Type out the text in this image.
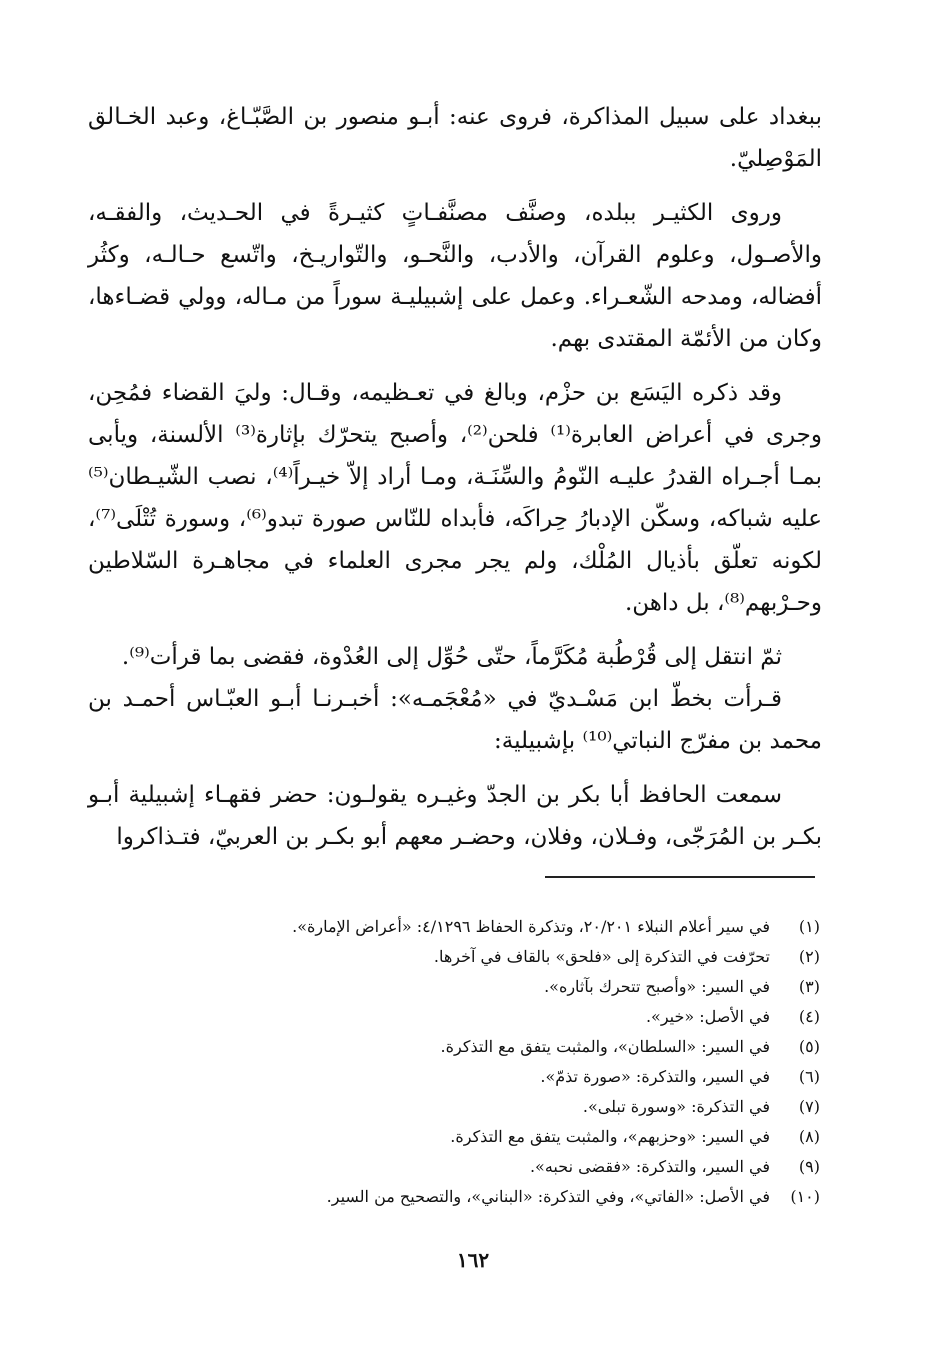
ببغداد على سبيل المذاكرة، فروى عنه: أبـو منصور بن الصَّبّـاغ، وعبد الخـالق المَوْصِليّ.

وروى الكثيـر ببلده، وصنَّف مصنَّفـاتٍ كثيـرةً في الحـديث، والفقـه، والأصـول، وعلوم القرآن، والأدب، والنَّحـو، والتّواريـخ، واتّسع حـالـه، وكثُر أفضاله، ومدحه الشّعـراء. وعمل على إشبيليـة سوراً من مـاله، وولي قضـاءها، وكان من الأئمّة المقتدى بهم.

وقد ذكره اليَسَع بن حزْم، وبالغ في تعـظيمه، وقـال: وليَ القضاء فمُحِن، وجرى في أعراض العابرة⁽¹⁾ فلحن⁽²⁾، وأصبح يتحرّك بإثارة⁽³⁾ الألسنة، ويأبى بمـا أجـراه القدرُ عليـه النّومُ والسِّنَـة، ومـا أراد إلاّ خيـراً⁽⁴⁾، نصب الشّيـطان⁽⁵⁾ عليه شباكه، وسكّن الإدبارُ حِراكَه، فأبداه للنّاس صورة تبدو⁽⁶⁾، وسورة تُتْلَى⁽⁷⁾، لكونه تعلّق بأذيال المُلْك، ولم يجر مجرى العلماء في مجاهـرة السّلاطين وحـرْبهم⁽⁸⁾، بل داهن.

ثمّ انتقل إلى قُرْطُبة مُكَرَّماً، حتّى حُوِّل إلى العُدْوة، فقضى بما قرأت⁽⁹⁾.

قـرأت بخطّ ابن مَسْـديّ في «مُعْجَمـه»: أخبـرنـا أبـو العبّـاس أحمـد بن محمد بن مفرّج النباتي⁽¹⁰⁾ بإشبيلية:

سمعت الحافظ أبا بكر بن الجدّ وغيـره يقولـون: حضر فقهـاء إشبيلية أبـو بكـر بن المُرَجّى، وفـلان، وفلان، وحضـر معهم أبو بكـر بن العربيّ، فتـذاكروا

(١)
في سير أعلام النبلاء ٢٠/٢٠١، وتذكرة الحفاظ ٤/١٢٩٦: «أعراض الإمارة».
(٢)
تحرّفت في التذكرة إلى «فلحق» بالقاف في آخرها.
(٣)
في السير: «وأصبح تتحرك بآثاره».
(٤)
في الأصل: «خير».
(٥)
في السير: «السلطان»، والمثبت يتفق مع التذكرة.
(٦)
في السير، والتذكرة: «صورة تذمّ».
(٧)
في التذكرة: «وسورة تبلى».
(٨)
في السير: «وحزبهم»، والمثبت يتفق مع التذكرة.
(٩)
في السير، والتذكرة: «فقضى نحبه».
(١٠)
في الأصل: «الفاتي»، وفي التذكرة: «البناني»، والتصحيح من السير.
١٦٢
